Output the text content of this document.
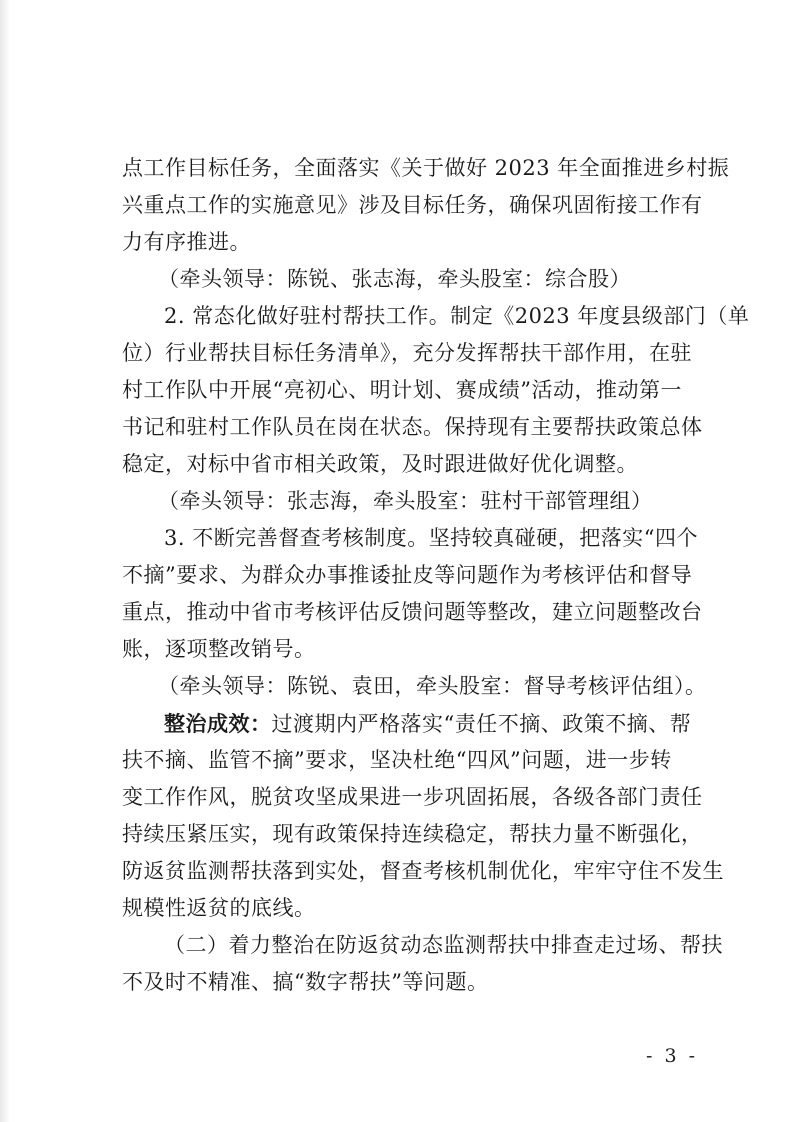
点工作目标任务，全面落实《关于做好 2023 年全面推进乡村振
兴重点工作的实施意见》涉及目标任务，确保巩固衔接工作有
力有序推进。
（牵头领导：陈锐、张志海，牵头股室：综合股）
2. 常态化做好驻村帮扶工作。制定《2023 年度县级部门（单
位）行业帮扶目标任务清单》，充分发挥帮扶干部作用，在驻
村工作队中开展“亮初心、明计划、赛成绩”活动，推动第一
书记和驻村工作队员在岗在状态。保持现有主要帮扶政策总体
稳定，对标中省市相关政策，及时跟进做好优化调整。
（牵头领导：张志海，牵头股室：驻村干部管理组）
3. 不断完善督查考核制度。坚持较真碰硬，把落实“四个
不摘”要求、为群众办事推诿扯皮等问题作为考核评估和督导
重点，推动中省市考核评估反馈问题等整改，建立问题整改台
账，逐项整改销号。
（牵头领导：陈锐、袁田，牵头股室：督导考核评估组）。
整治成效：过渡期内严格落实“责任不摘、政策不摘、帮
扶不摘、监管不摘”要求，坚决杜绝“四风”问题，进一步转
变工作作风，脱贫攻坚成果进一步巩固拓展，各级各部门责任
持续压紧压实，现有政策保持连续稳定，帮扶力量不断强化，
防返贫监测帮扶落到实处，督查考核机制优化，牢牢守住不发生
规模性返贫的底线。
（二）着力整治在防返贫动态监测帮扶中排查走过场、帮扶
不及时不精准、搞“数字帮扶”等问题。
- 3 -
